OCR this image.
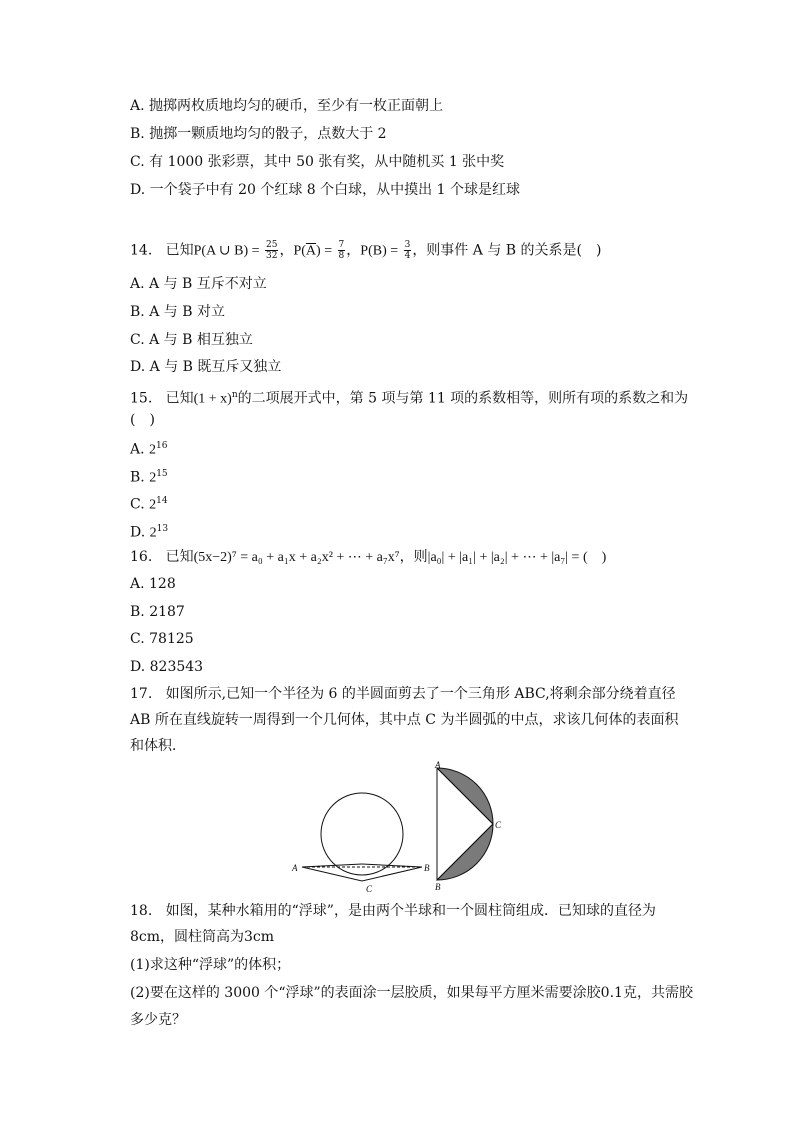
A. 抛掷两枚质地均匀的硬币，至少有一枚正面朝上
B. 抛掷一颗质地均匀的骰子，点数大于 2
C. 有 1000 张彩票，其中 50 张有奖，从中随机买 1 张中奖
D. 一个袋子中有 20 个红球 8 个白球，从中摸出 1 个球是红球
14. 已知P(A ∪ $B) = \frac{25}{32}$ ，$P(\overline{A}) = \frac{7}{8}$ ，$P(B) = \frac{3}{4}$ ，则事件 A 与 B 的关系是(　)
A. A 与 B 互斥不对立
B. A 与 B 对立
C. A 与 B 相互独立
D. A 与 B 既互斥又独立
15. 已知$(1 + x)^n$的二项展开式中，第 5 项与第 11 项的系数相等，则所有项的系数之和为
(　)
A. $2^{16}$
B. $2^{15}$
C. $2^{14}$
D. $2^{13}$
16. 已知(5x−2)⁷ = a₀ + a₁x + a₂x² + ⋯ + a₇x⁷，则|a₀| + |a₁| + |a₂| + ⋯ + |a₇| = (　)
A. 128
B. 2187
C. 78125
D. 823543
17. 如图所示,已知一个半径为 6 的半圆面剪去了一个三角形 ABC,将剩余部分绕着直径 AB 所在直线旋转一周得到一个几何体，其中点 C 为半圆弧的中点，求该几何体的表面积和体积．
A	B
C
A
B
C
18. 如图，某种水箱用的“浮球”，是由两个半球和一个圆柱筒组成．已知球的直径为
8cm，圆柱筒高为3cm
(1)求这种“浮球”的体积；
(2)要在这样的 3000 个“浮球”的表面涂一层胶质，如果每平方厘米需要涂胶0.1克，共需胶
多少克？
